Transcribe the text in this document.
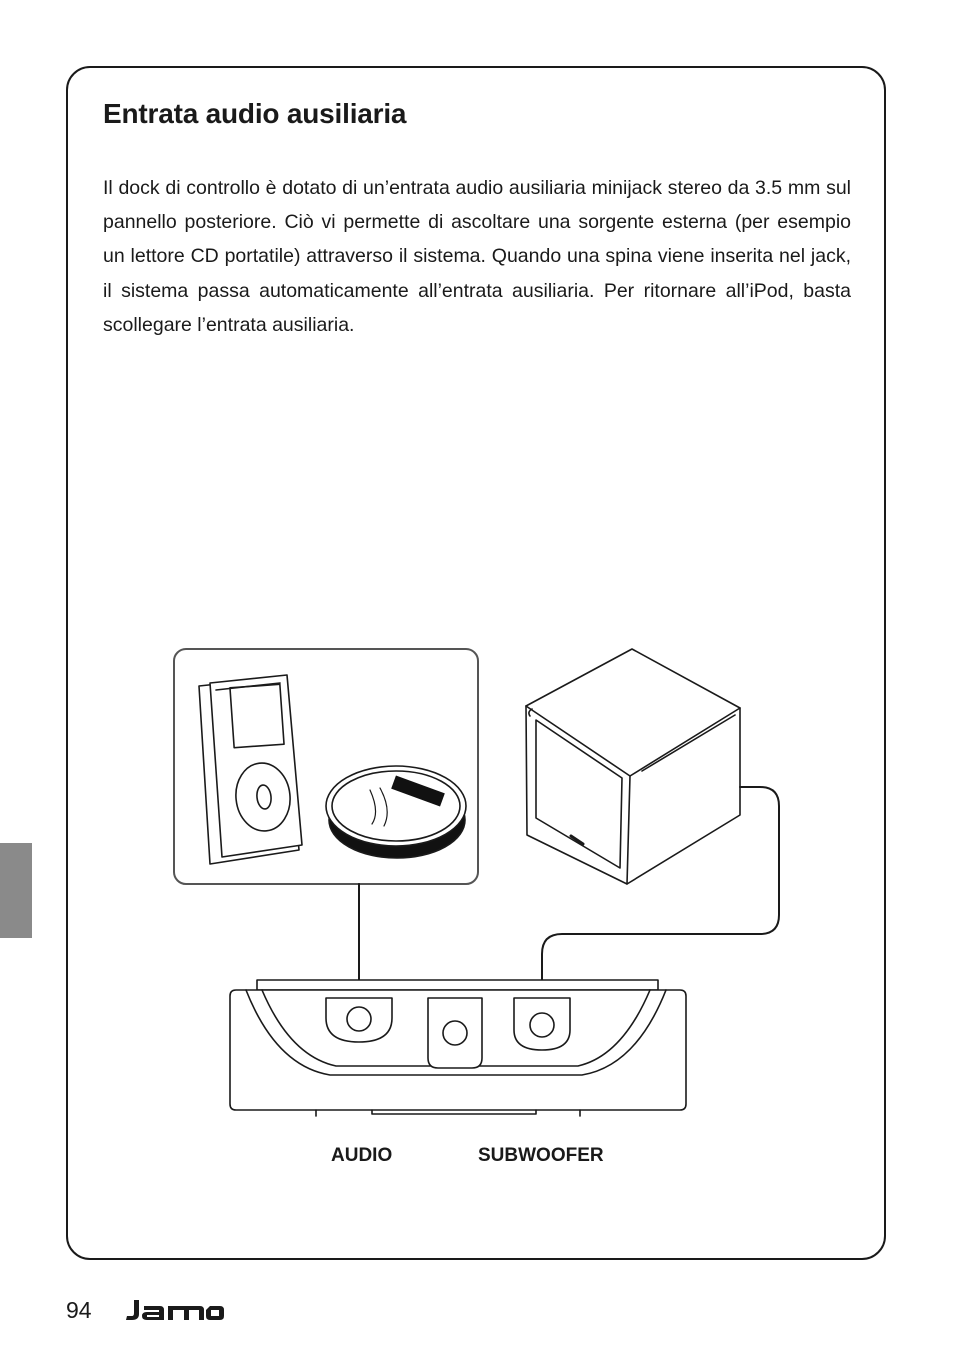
Entrata audio ausiliaria

Il dock di controllo è dotato di un’entrata audio ausiliaria minijack stereo da 3.5 mm sul pannello posteriore. Ciò vi permette di ascoltare una sorgente esterna (per esempio un lettore CD portatile) attraverso il sistema. Quando una spina viene inserita nel jack, il sistema passa automaticamente all’entrata ausiliaria. Per ritornare all’iPod, basta scollegare l’entrata ausiliaria.

AUDIO	SUBWOOFER

94
